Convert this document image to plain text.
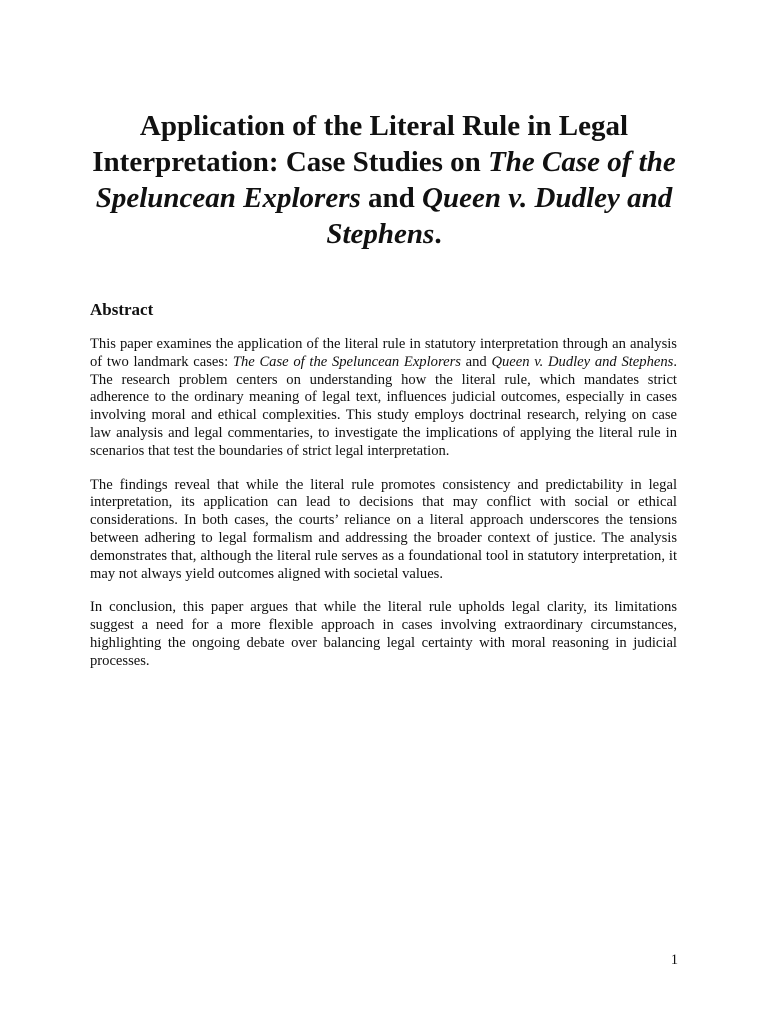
Application of the Literal Rule in Legal Interpretation: Case Studies on The Case of the Speluncean Explorers and Queen v. Dudley and Stephens.
Abstract

This paper examines the application of the literal rule in statutory interpretation through an analysis of two landmark cases: The Case of the Speluncean Explorers and Queen v. Dudley and Stephens. The research problem centers on understanding how the literal rule, which mandates strict adherence to the ordinary meaning of legal text, influences judicial outcomes, especially in cases involving moral and ethical complexities. This study employs doctrinal research, relying on case law analysis and legal commentaries, to investigate the implications of applying the literal rule in scenarios that test the boundaries of strict legal interpretation.

The findings reveal that while the literal rule promotes consistency and predictability in legal interpretation, its application can lead to decisions that may conflict with social or ethical considerations. In both cases, the courts’ reliance on a literal approach underscores the tensions between adhering to legal formalism and addressing the broader context of justice. The analysis demonstrates that, although the literal rule serves as a foundational tool in statutory interpretation, it may not always yield outcomes aligned with societal values.

In conclusion, this paper argues that while the literal rule upholds legal clarity, its limitations suggest a need for a more flexible approach in cases involving extraordinary circumstances, highlighting the ongoing debate over balancing legal certainty with moral reasoning in judicial processes.

1
